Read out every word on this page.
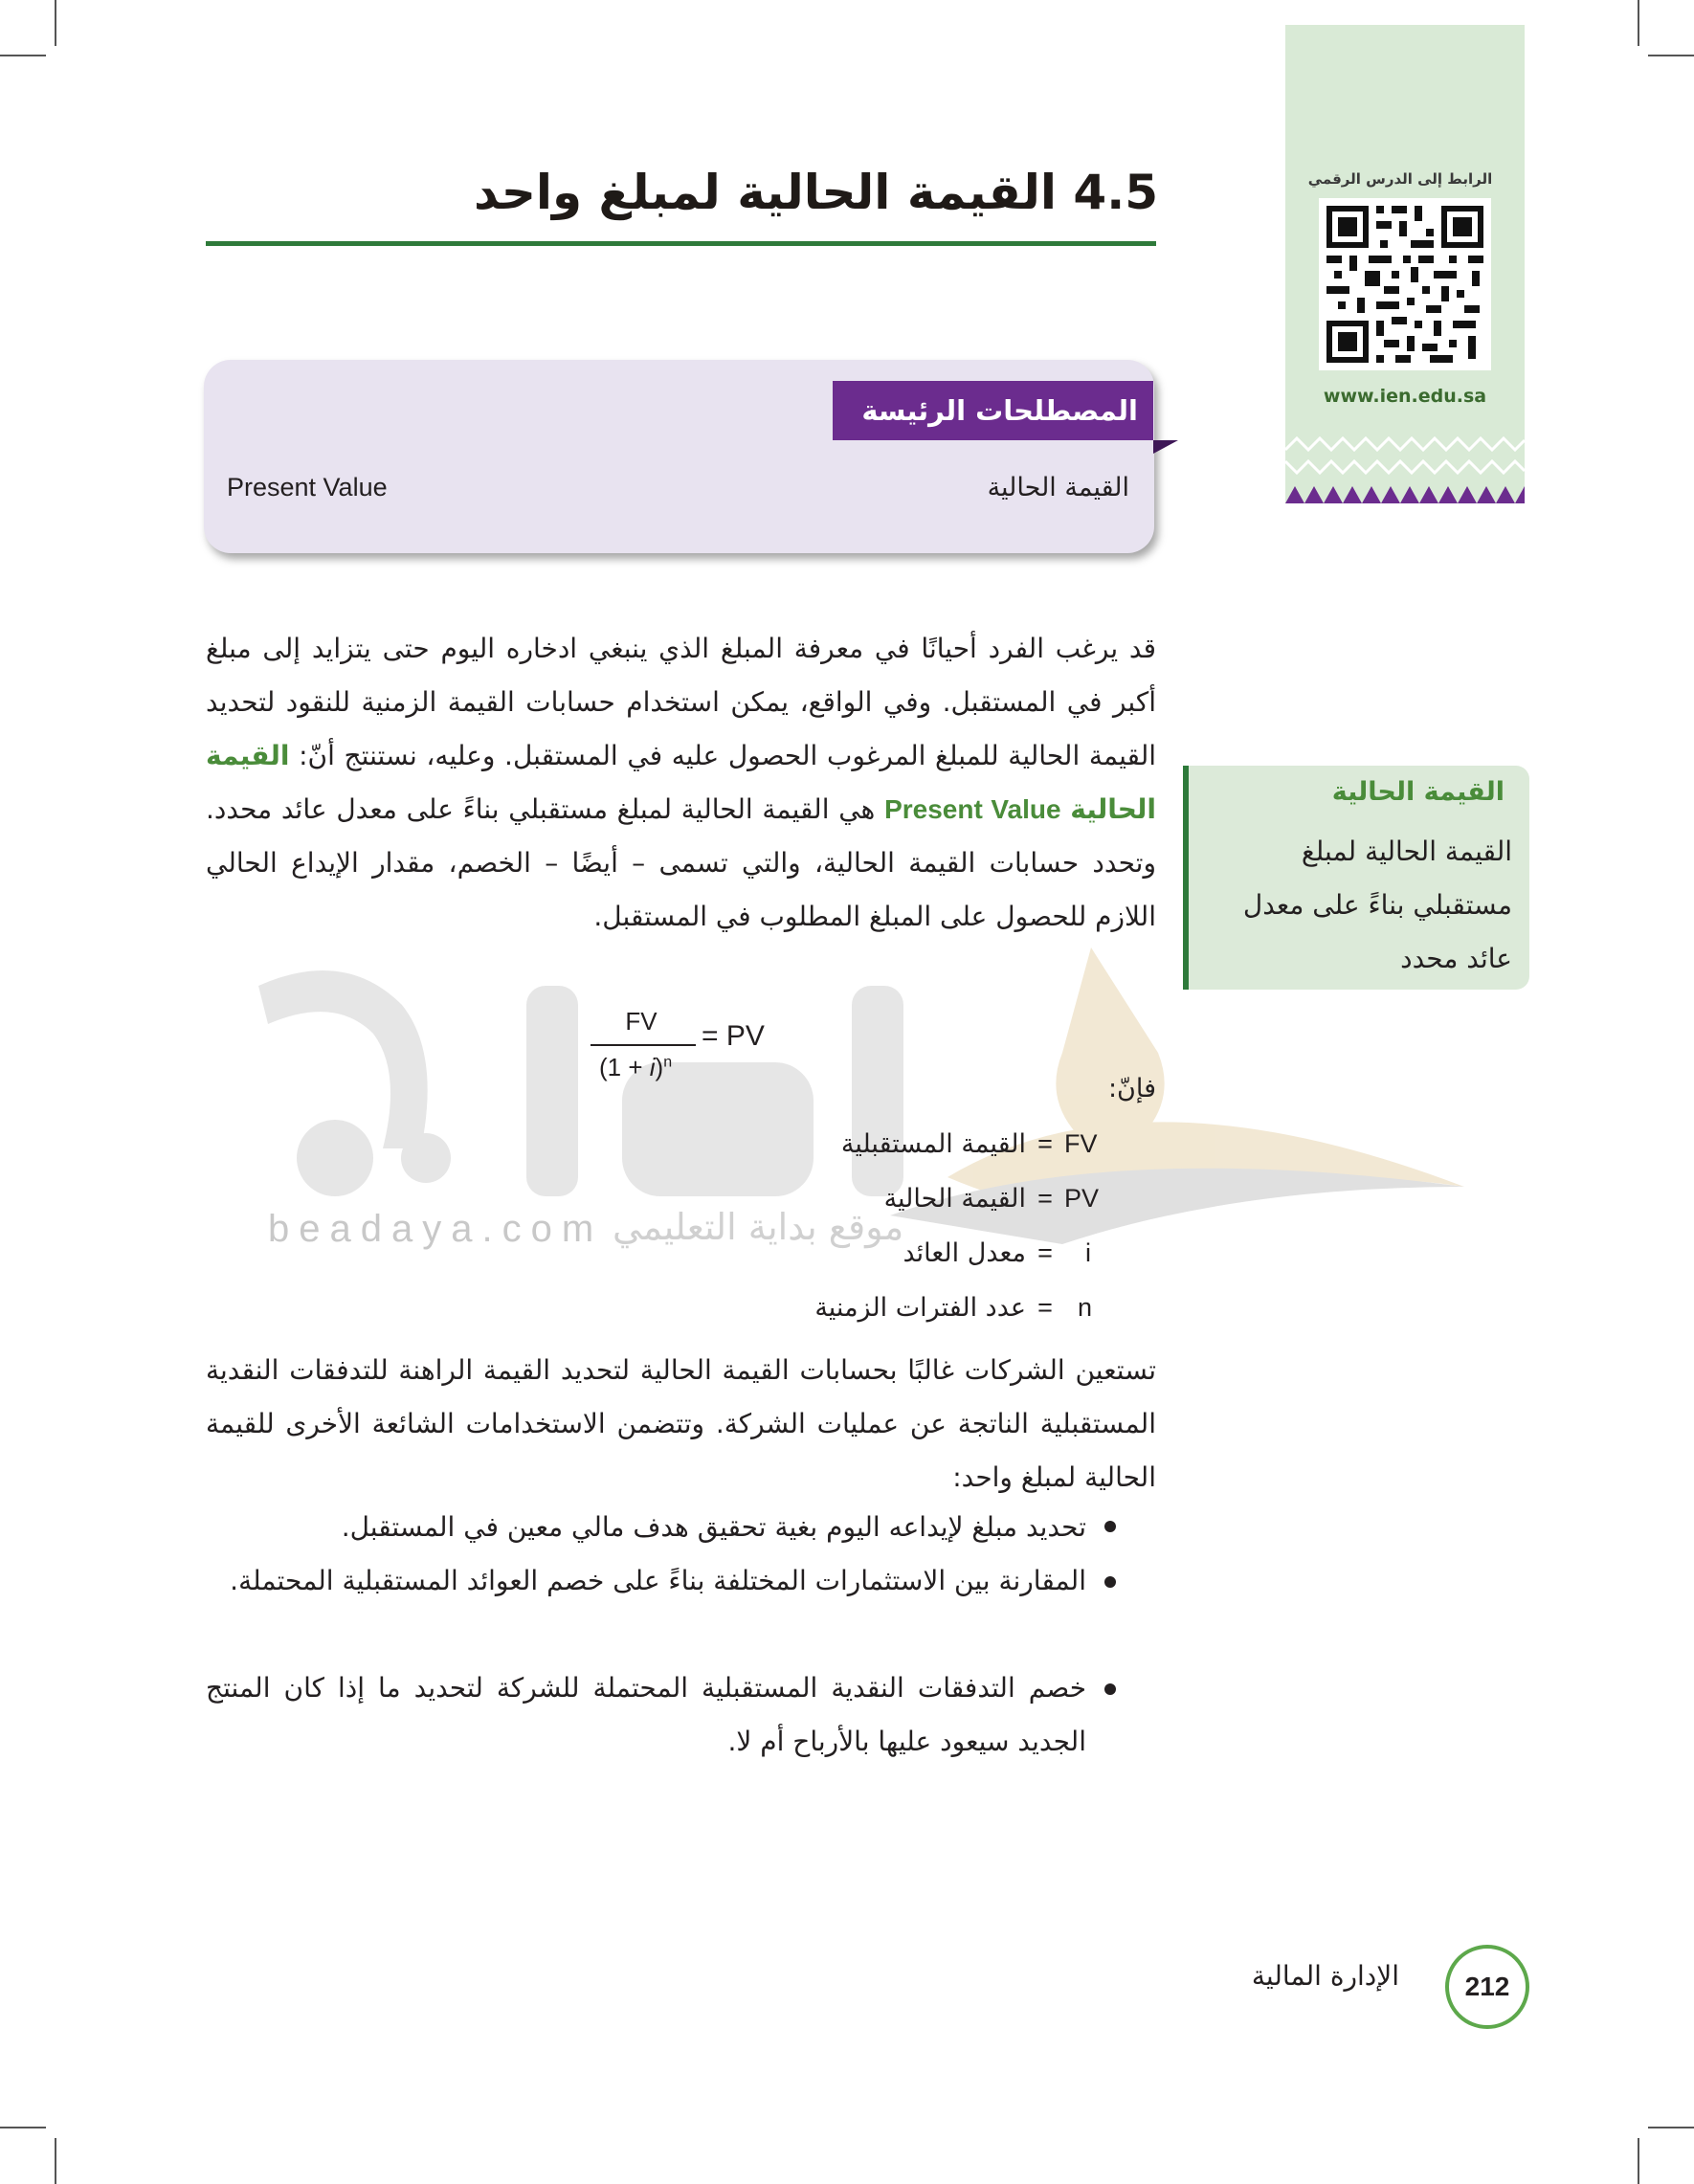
الرابط إلى الدرس الرقمي
www.ien.edu.sa
4.5 القيمة الحالية لمبلغ واحد
المصطلحات الرئيسة
القيمة الحالية
Present Value
beadaya.com موقع بداية التعليمي
قد يرغب الفرد أحيانًا في معرفة المبلغ الذي ينبغي ادخاره اليوم حتى يتزايد إلى مبلغ أكبر في المستقبل. وفي الواقع، يمكن استخدام حسابات القيمة الزمنية للنقود لتحديد القيمة الحالية للمبلغ المرغوب الحصول عليه في المستقبل. وعليه، نستنتج أنّ: القيمة الحالية Present Value هي القيمة الحالية لمبلغ مستقبلي بناءً على معدل عائد محدد. وتحدد حسابات القيمة الحالية، والتي تسمى – أيضًا – الخصم، مقدار الإيداع الحالي اللازم للحصول على المبلغ المطلوب في المستقبل.
القيمة الحالية
القيمة الحالية لمبلغ مستقبلي بناءً على معدل عائد محدد
FV
$(1 + i)^n$
= PV
فإنّ:
FV
=
القيمة المستقبلية
PV
=
القيمة الحالية
i
=
معدل العائد
n
=
عدد الفترات الزمنية
تستعين الشركات غالبًا بحسابات القيمة الحالية لتحديد القيمة الراهنة للتدفقات النقدية المستقبلية الناتجة عن عمليات الشركة. وتتضمن الاستخدامات الشائعة الأخرى للقيمة الحالية لمبلغ واحد:
تحديد مبلغ لإيداعه اليوم بغية تحقيق هدف مالي معين في المستقبل.
المقارنة بين الاستثمارات المختلفة بناءً على خصم العوائد المستقبلية المحتملة.
خصم التدفقات النقدية المستقبلية المحتملة للشركة لتحديد ما إذا كان المنتج الجديد سيعود عليها بالأرباح أم لا.
212
الإدارة المالية
